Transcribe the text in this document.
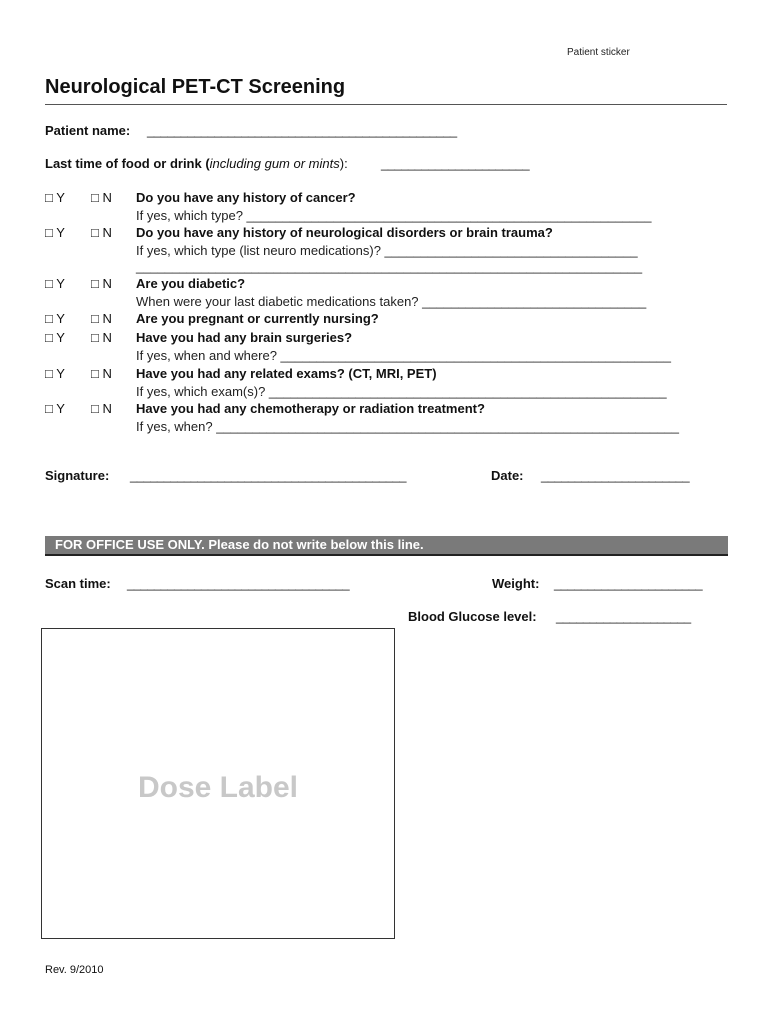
Patient sticker
Neurological PET-CT Screening
Patient name: ______________________________________________
Last time of food or drink (including gum or mints):	______________________
□ Y	□ N	Do you have any history of cancer?
If yes, which type? ________________________________________________________
□ Y	□ N	Do you have any history of neurological disorders or brain trauma?
If yes, which type (list neuro medications)? ___________________________________
______________________________________________________________________
□ Y	□ N	Are you diabetic?
When were your last diabetic medications taken? _______________________________
□ Y	□ N	Are you pregnant or currently nursing?
□ Y	□ N	Have you had any brain surgeries?
If yes, when and where? ______________________________________________________
□ Y	□ N	Have you had any related exams? (CT, MRI, PET)
If yes, which exam(s)? _______________________________________________________
□ Y	□ N	Have you had any chemotherapy or radiation treatment?
If yes, when? ________________________________________________________________
Signature: _________________________________________	Date: ______________________
FOR OFFICE USE ONLY. Please do not write below this line.
Scan time: _________________________________	Weight: ______________________
Blood Glucose level: ____________________
Dose Label
Rev. 9/2010
